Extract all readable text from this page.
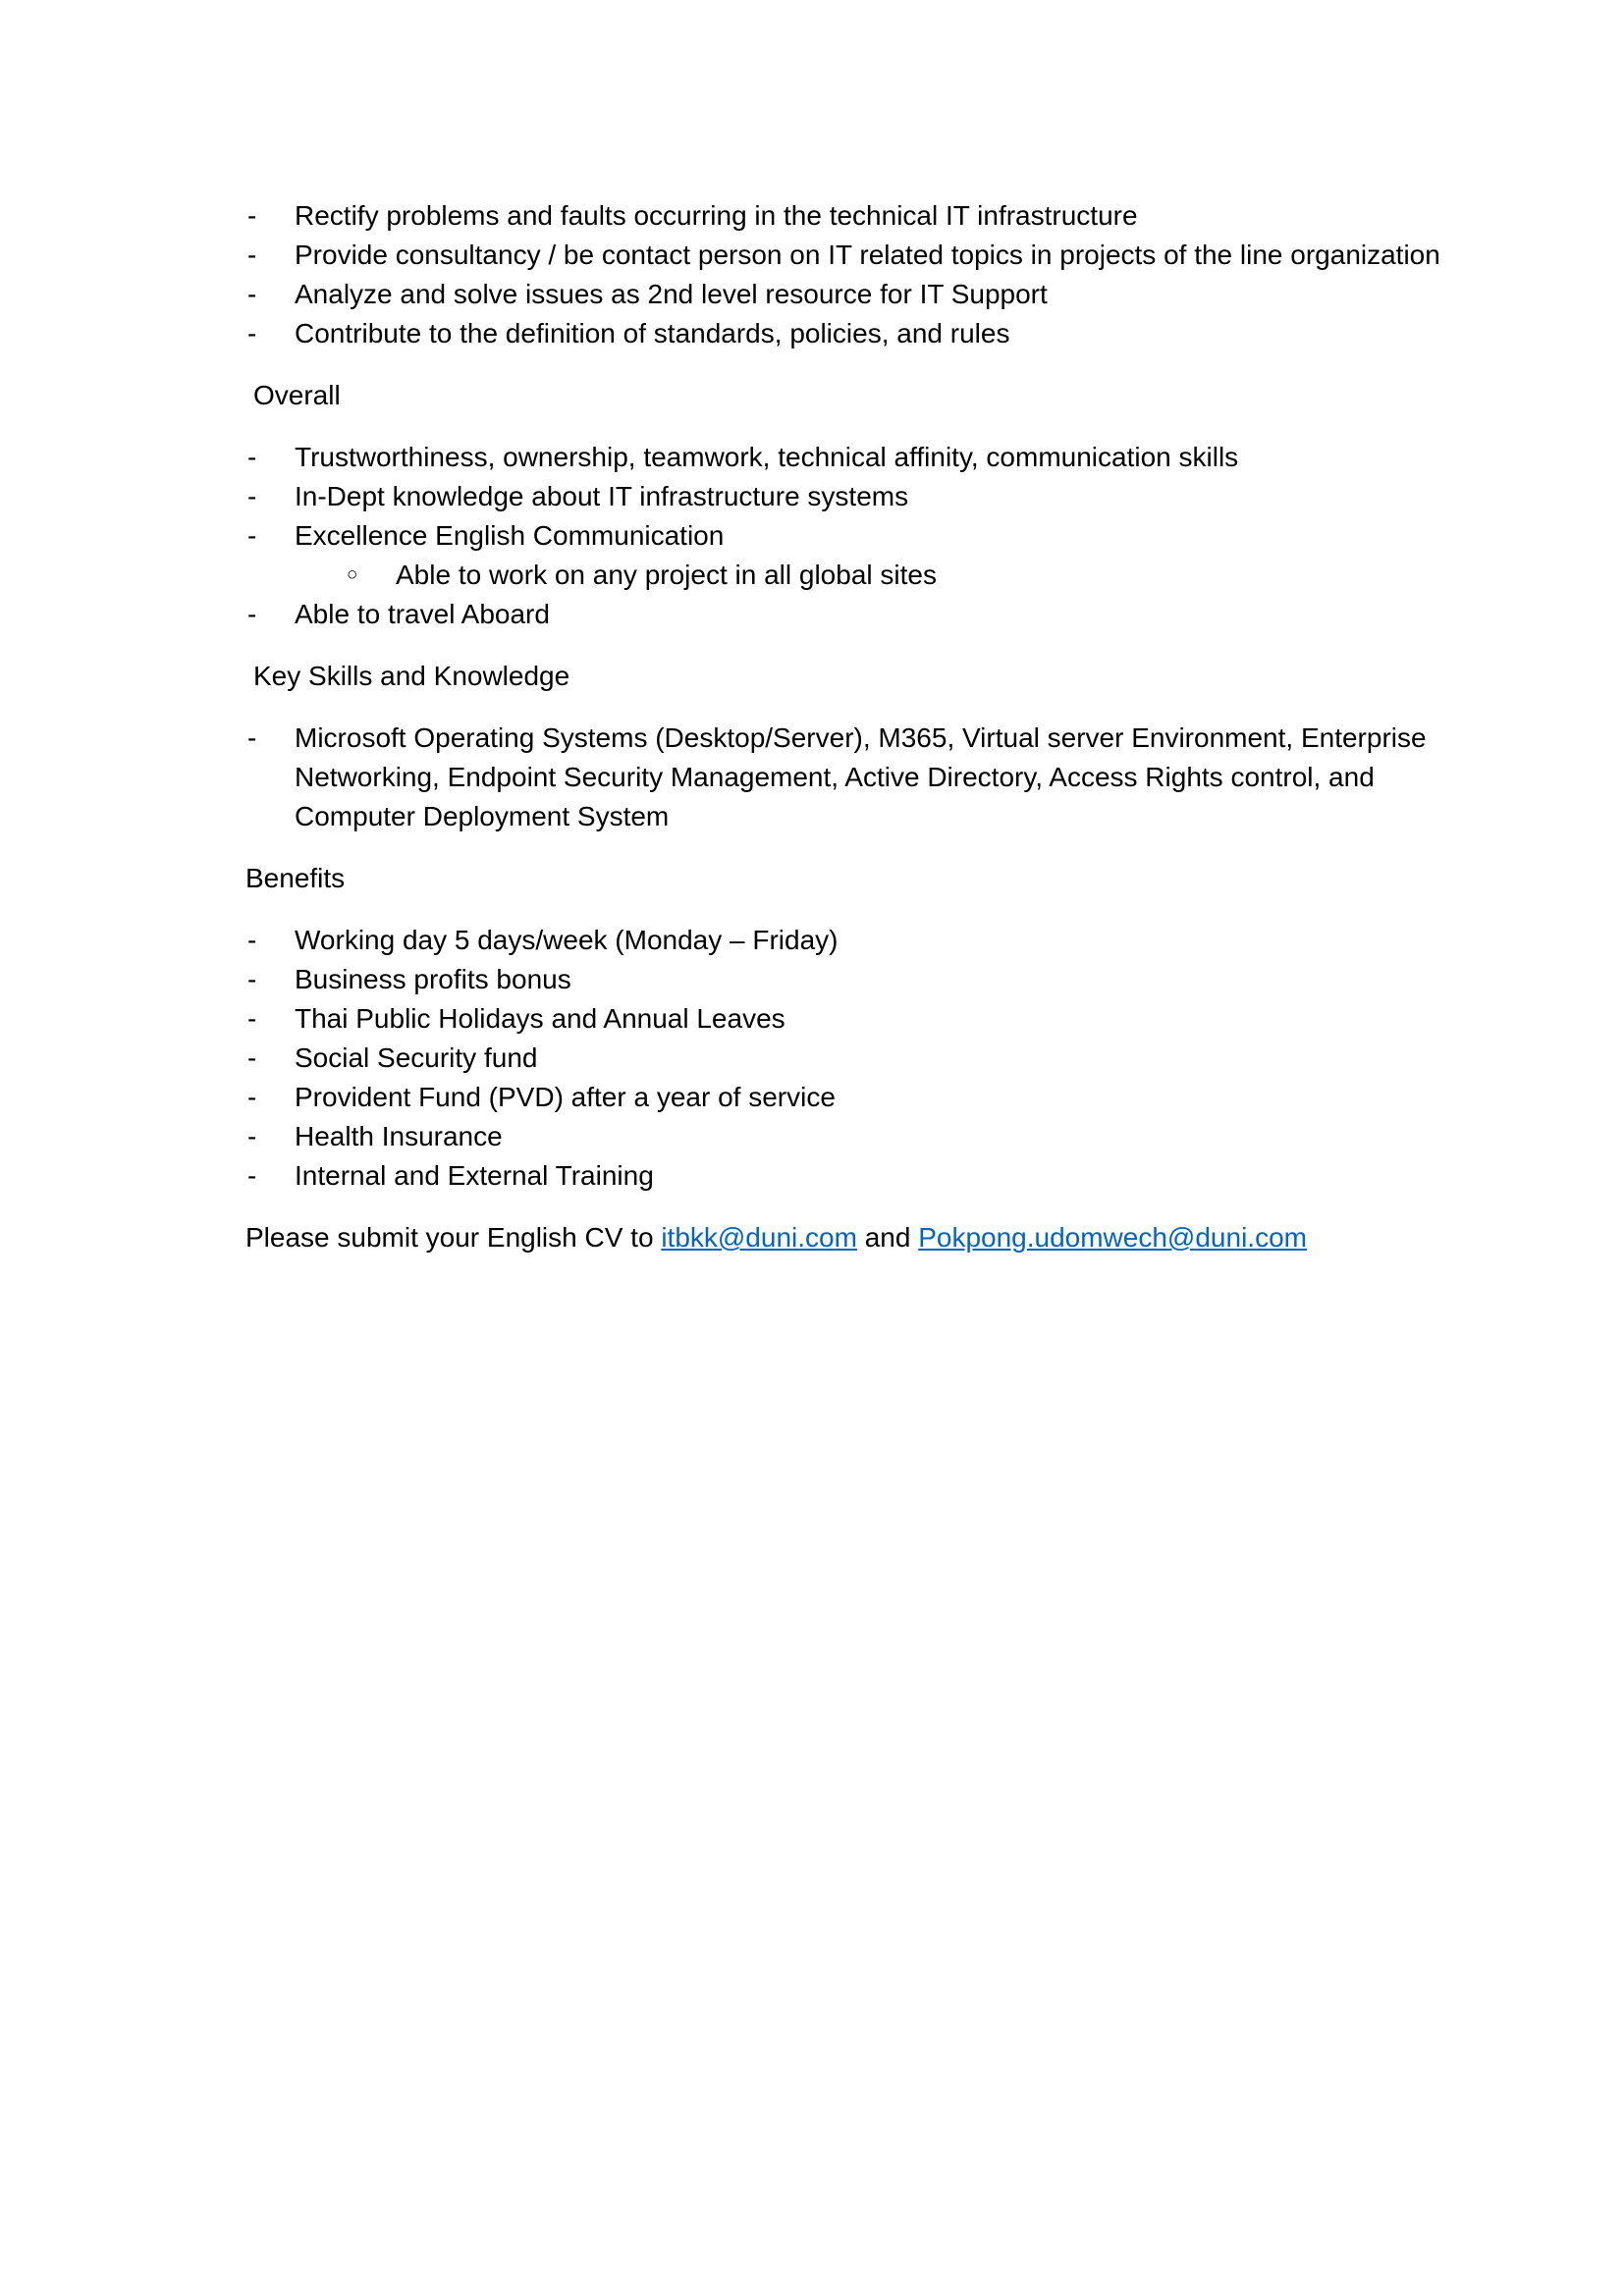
- Rectify problems and faults occurring in the technical IT infrastructure
- Provide consultancy / be contact person on IT related topics in projects of the line organization
- Analyze and solve issues as 2nd level resource for IT Support
- Contribute to the definition of standards, policies, and rules

Overall

- Trustworthiness, ownership, teamwork, technical affinity, communication skills
- In-Dept knowledge about IT infrastructure systems
- Excellence English Communication
○ Able to work on any project in all global sites
- Able to travel Aboard

Key Skills and Knowledge

- Microsoft Operating Systems (Desktop/Server), M365, Virtual server Environment, Enterprise Networking, Endpoint Security Management, Active Directory, Access Rights control, and Computer Deployment System

Benefits

- Working day 5 days/week (Monday – Friday)
- Business profits bonus
- Thai Public Holidays and Annual Leaves
- Social Security fund
- Provident Fund (PVD) after a year of service
- Health Insurance
- Internal and External Training

Please submit your English CV to itbkk@duni.com and Pokpong.udomwech@duni.com
